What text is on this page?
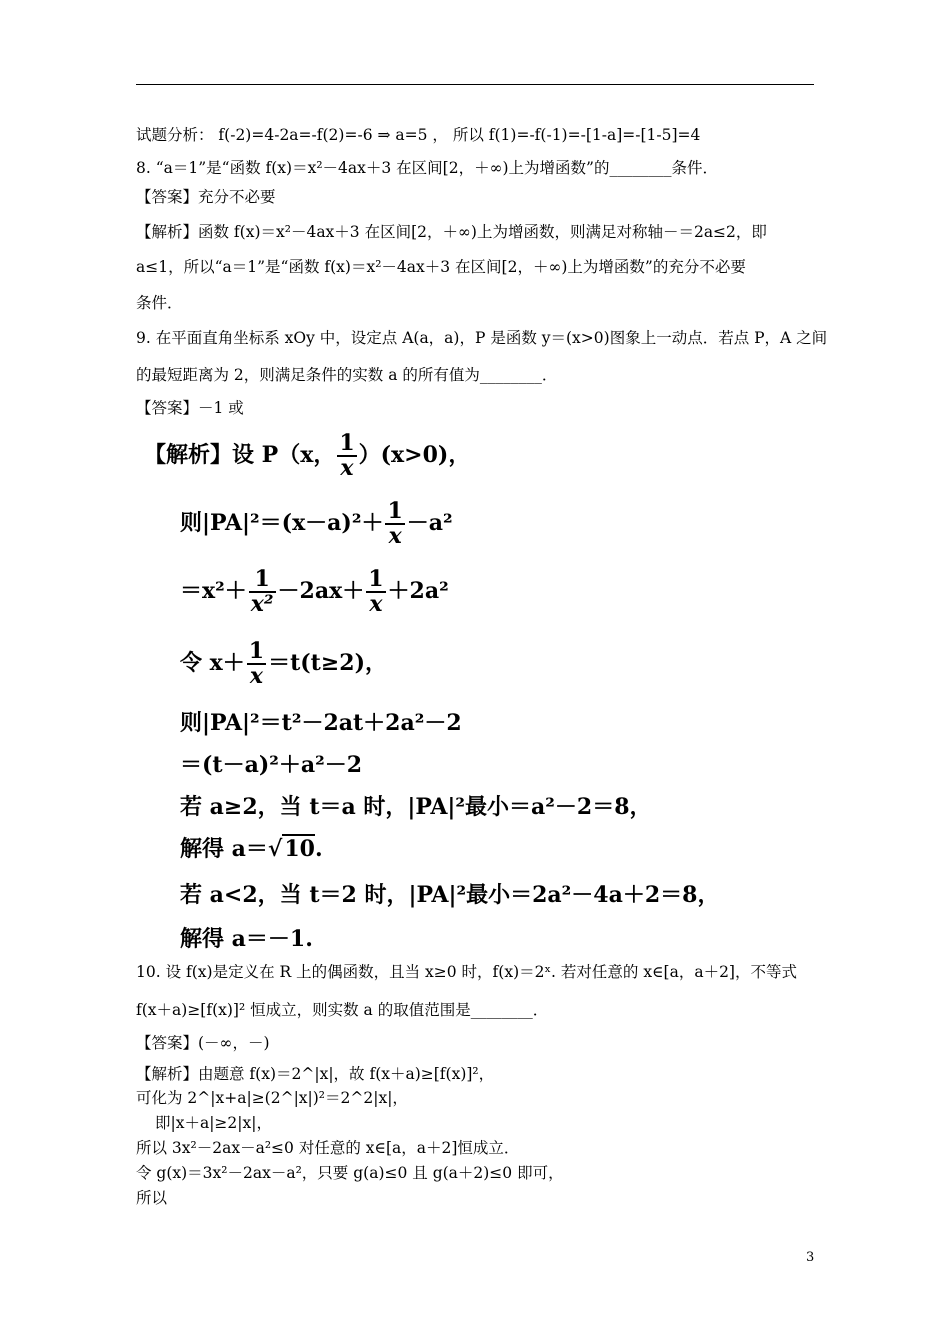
试题分析： f(-2)=4-2a=-f(2)=-6 ⇒ a=5 ， 所以 f(1)=-f(-1)=-[1-a]=-[1-5]=4
8. “a＝1”是“函数 f(x)＝x²－4ax＋3 在区间[2，＋∞)上为增函数”的________条件．
【答案】充分不必要
【解析】函数 f(x)＝x²－4ax＋3 在区间[2，＋∞)上为增函数，则满足对称轴－＝2a≤2，即
a≤1，所以“a＝1”是“函数 f(x)＝x²－4ax＋3 在区间[2，＋∞)上为增函数”的充分不必要
条件．
9. 在平面直角坐标系 xOy 中，设定点 A(a，a)，P 是函数 y＝(x>0)图象上一动点．若点 P，A 之间
的最短距离为 2，则满足条件的实数 a 的所有值为________．
【答案】－1 或
【解析】设 P（x， $\frac{1}{x} )(x>0)$，
则$|PA|^2=(x-a)^2+ \frac{1}{x} -a^2$
$=x^2+ \frac{1}{\text{x²}} -2ax+ \frac{1}{x} +2a^2$
令 $x+ \frac{1}{x} =t(t\ge 2)$，
则|PA|²＝t²－2at＋2a²－2
＝(t－a)²＋a²－2
若 a≥2，当 t＝a 时，|PA|²最小＝a²－2＝8，
解得 a＝√10.
若 a<2，当 t＝2 时，|PA|²最小＝2a²－4a＋2＝8，
解得 a＝－1.
10. 设 f(x)是定义在 R 上的偶函数，且当 x≥0 时，f(x)＝2ˣ. 若对任意的 x∈[a，a＋2]，不等式
f(x＋a)≥[f(x)]² 恒成立，则实数 a 的取值范围是________．
【答案】(－∞，－)
【解析】由题意 f(x)＝2^|x|，故 f(x＋a)≥[f(x)]²，
可化为 2^|x+a|≥(2^|x|)²＝2^2|x|，
即|x＋a|≥2|x|，
所以 3x²－2ax－a²≤0 对任意的 x∈[a，a＋2]恒成立．
令 g(x)＝3x²－2ax－a²，只要 g(a)≤0 且 g(a＋2)≤0 即可，
所以
3
